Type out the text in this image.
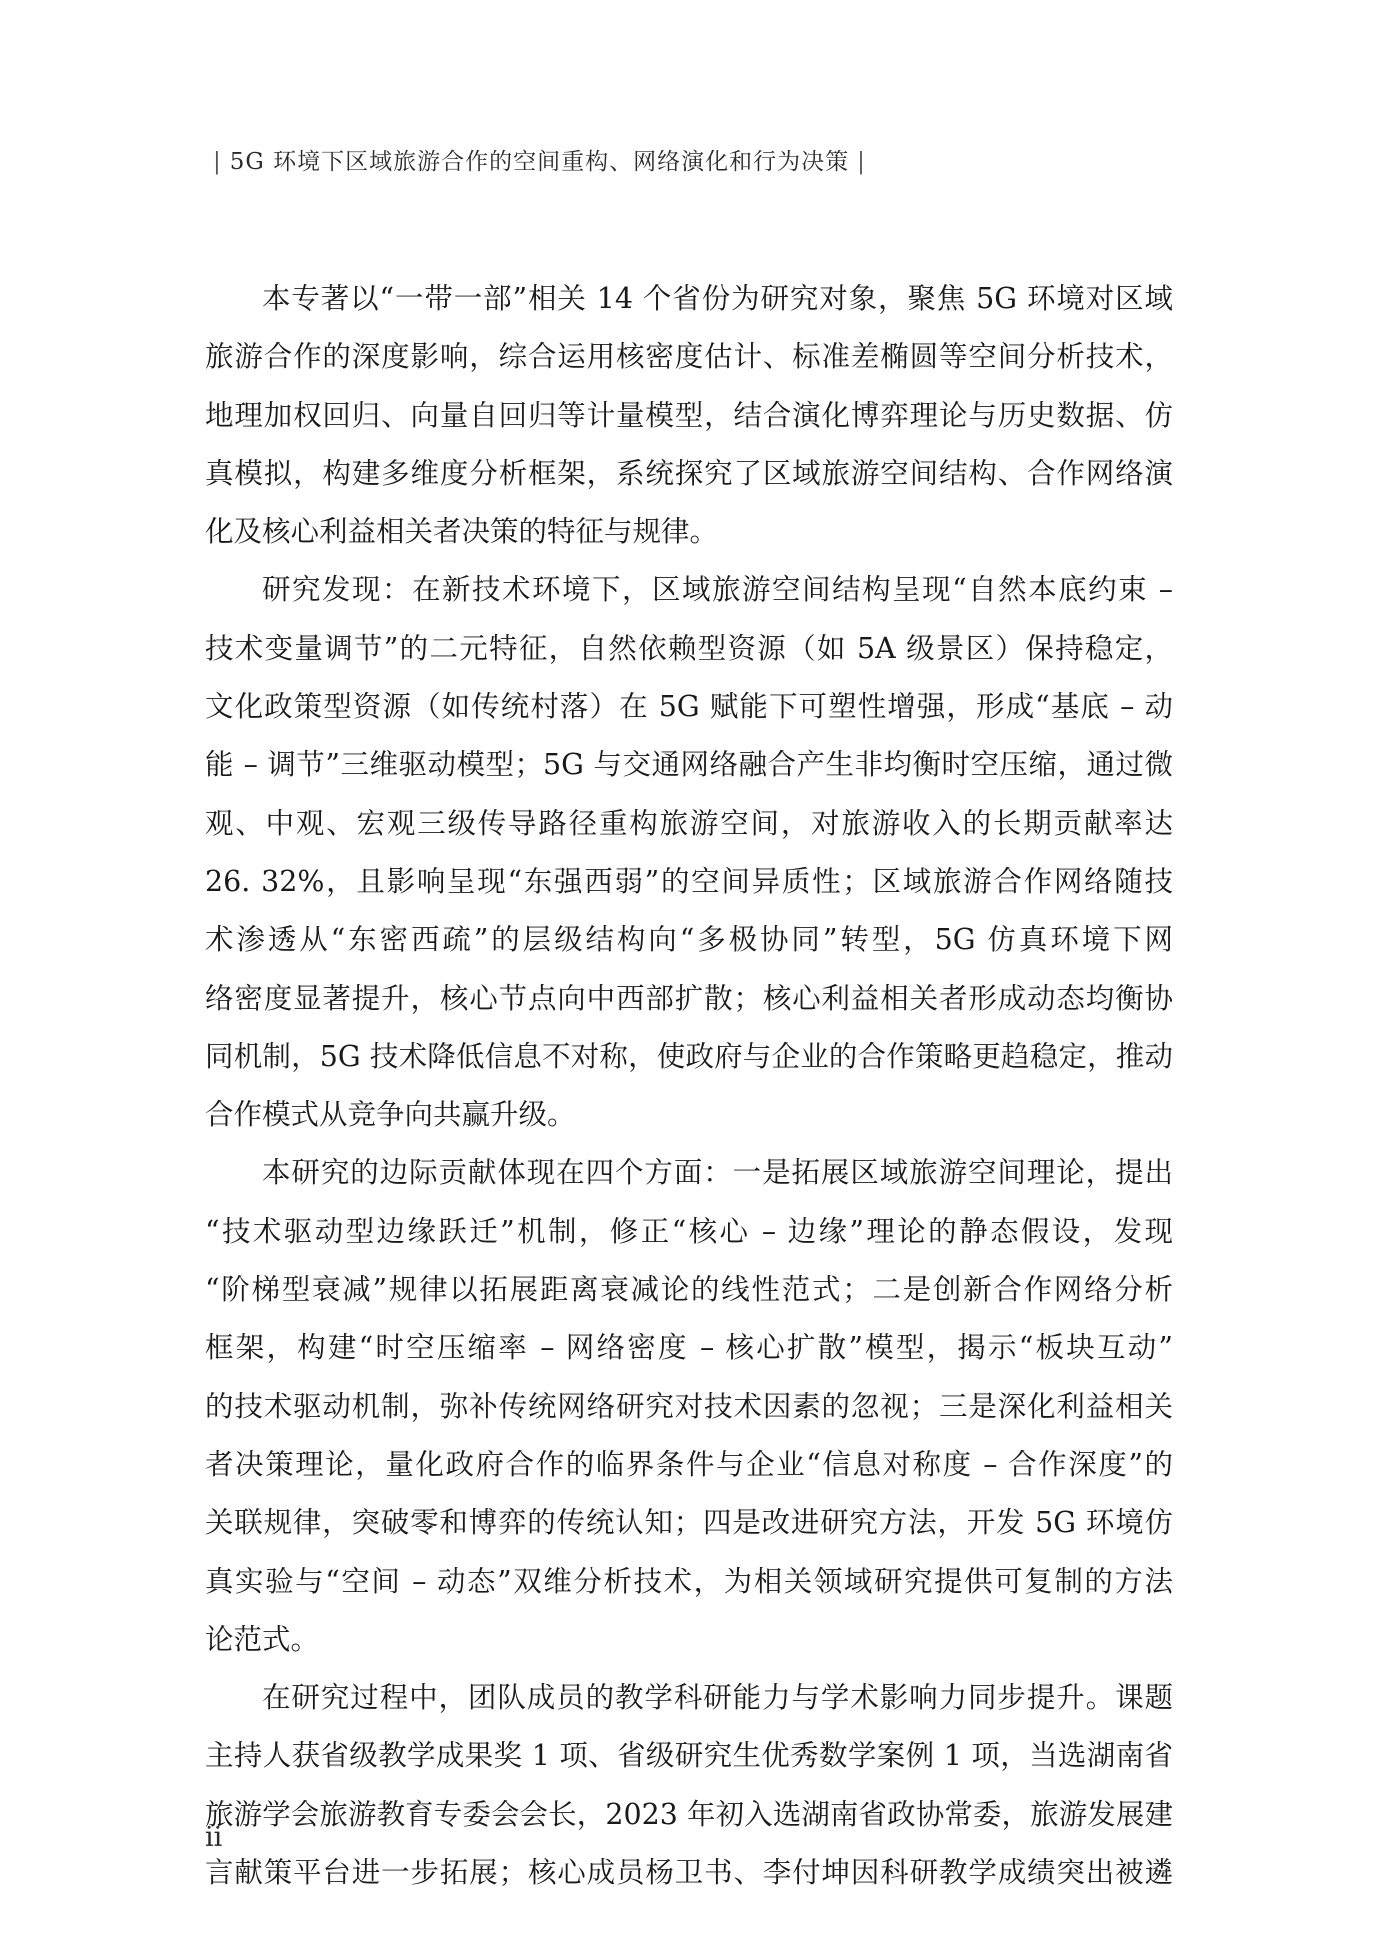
| 5G 环境下区域旅游合作的空间重构、网络演化和行为决策 |
本专著以“一带一部”相关 14 个省份为研究对象，聚焦 5G 环境对区域
旅游合作的深度影响，综合运用核密度估计、标准差椭圆等空间分析技术，
地理加权回归、向量自回归等计量模型，结合演化博弈理论与历史数据、仿
真模拟，构建多维度分析框架，系统探究了区域旅游空间结构、合作网络演
化及核心利益相关者决策的特征与规律。
研究发现：在新技术环境下，区域旅游空间结构呈现“自然本底约束 –
技术变量调节”的二元特征，自然依赖型资源（如 5A 级景区）保持稳定，
文化政策型资源（如传统村落）在 5G 赋能下可塑性增强，形成“基底 – 动
能 – 调节”三维驱动模型；5G 与交通网络融合产生非均衡时空压缩，通过微
观、中观、宏观三级传导路径重构旅游空间，对旅游收入的长期贡献率达
26. 32%，且影响呈现“东强西弱”的空间异质性；区域旅游合作网络随技
术渗透从“东密西疏”的层级结构向“多极协同”转型，5G 仿真环境下网
络密度显著提升，核心节点向中西部扩散；核心利益相关者形成动态均衡协
同机制，5G 技术降低信息不对称，使政府与企业的合作策略更趋稳定，推动
合作模式从竞争向共赢升级。
本研究的边际贡献体现在四个方面：一是拓展区域旅游空间理论，提出
“技术驱动型边缘跃迁”机制，修正“核心 – 边缘”理论的静态假设，发现
“阶梯型衰减”规律以拓展距离衰减论的线性范式；二是创新合作网络分析
框架，构建“时空压缩率 – 网络密度 – 核心扩散”模型，揭示“板块互动”
的技术驱动机制，弥补传统网络研究对技术因素的忽视；三是深化利益相关
者决策理论，量化政府合作的临界条件与企业“信息对称度 – 合作深度”的
关联规律，突破零和博弈的传统认知；四是改进研究方法，开发 5G 环境仿
真实验与“空间 – 动态”双维分析技术，为相关领域研究提供可复制的方法
论范式。
在研究过程中，团队成员的教学科研能力与学术影响力同步提升。课题
主持人获省级教学成果奖 1 项、省级研究生优秀数学案例 1 项，当选湖南省
旅游学会旅游教育专委会会长，2023 年初入选湖南省政协常委，旅游发展建
言献策平台进一步拓展；核心成员杨卫书、李付坤因科研教学成绩突出被遴
ii
